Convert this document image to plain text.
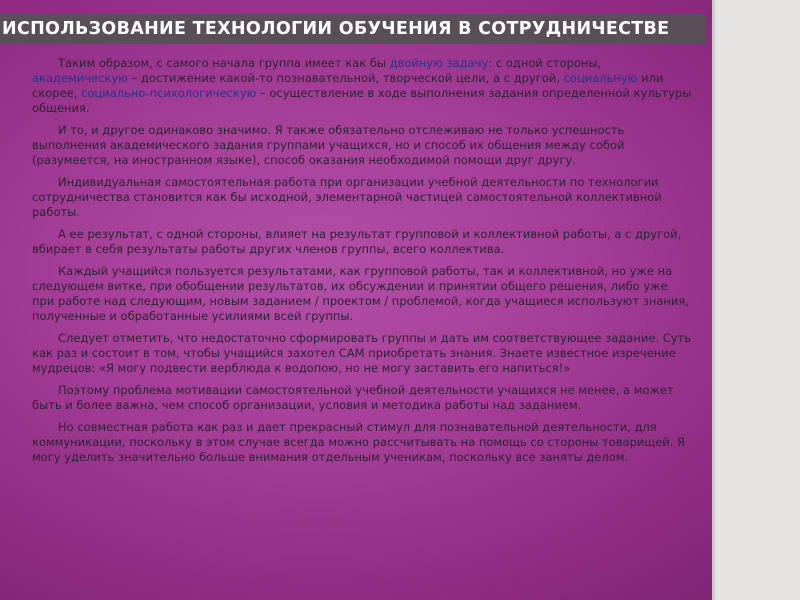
ИСПОЛЬЗОВАНИЕ ТЕХНОЛОГИИ ОБУЧЕНИЯ В СОТРУДНИЧЕСТВЕ

Таким образом, с самого начала группа имеет как бы двойную задачу: с одной стороны, академическую – достижение какой-то познавательной, творческой цели, а с другой, социальную или скорее, социально-психологическую – осуществление в ходе выполнения задания определенной культуры общения.

И то, и другое одинаково значимо. Я также обязательно отслеживаю не только успешность выполнения академического задания группами учащихся, но и способ их общения между собой (разумеется, на иностранном языке), способ оказания необходимой помощи друг другу.

Индивидуальная самостоятельная работа при организации учебной деятельности по технологии сотрудничества становится как бы исходной, элементарной частицей самостоятельной коллективной работы.

А ее результат, с одной стороны, влияет на результат групповой и коллективной работы, а с другой, вбирает в себя результаты работы других членов группы, всего коллектива.

Каждый учащийся пользуется результатами, как групповой работы, так и коллективной, но уже на следующем витке, при обобщении результатов, их обсуждении и принятии общего решения, либо уже при работе над следующим, новым заданием / проектом / проблемой, когда учащиеся используют знания, полученные и обработанные усилиями всей группы.

Следует отметить, что недостаточно сформировать группы и дать им соответствующее задание. Суть как раз и состоит в том, чтобы учащийся захотел САМ приобретать знания. Знаете известное изречение мудрецов: «Я могу подвести верблюда к водопою, но не могу заставить его напиться!»

Поэтому проблема мотивации самостоятельной учебной деятельности учащихся не менее, а может быть и более важна, чем способ организации, условия и методика работы над заданием.

Но совместная работа как раз и дает прекрасный стимул для познавательной деятельности, для коммуникации, поскольку в этом случае всегда можно рассчитывать на помощь со стороны товарищей. Я могу уделить значительно больше внимания отдельным ученикам, поскольку все заняты делом.
